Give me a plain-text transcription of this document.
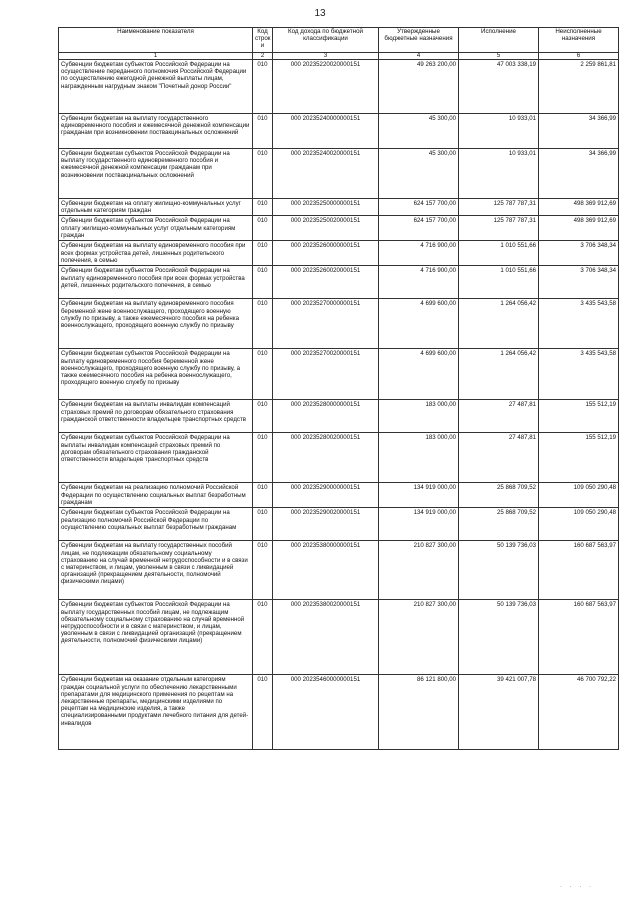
13
Наименование показателя	Код строк и	Код дохода по бюджетной классификации	Утвержденные бюджетные назначения	Исполнение	Неисполненные назначения
1	2	3	4	5	6
Субвенции бюджетам субъектов Российской Федерации на осуществление переданного полномочия Российской Федерации по осуществлению ежегодной денежной выплаты лицам, награжденным нагрудным знаком "Почетный донор России"	010	000 20235220020000151	49 263 200,00	47 003 338,19	2 259 861,81
Субвенции бюджетам на выплату государственного единовременного пособия и ежемесячной денежной компенсации гражданам при возникновении поствакцинальных осложнений	010	000 20235240000000151	45 300,00	10 933,01	34 366,99
Субвенции бюджетам субъектов Российской Федерации на выплату государственного единовременного пособия и ежемесячной денежной компенсации гражданам при возникновении поствакцинальных осложнений	010	000 20235240020000151	45 300,00	10 933,01	34 366,99
Субвенции бюджетам на оплату жилищно-коммунальных услуг отдельным категориям граждан	010	000 20235250000000151	624 157 700,00	125 787 787,31	498 369 912,69
Субвенции бюджетам субъектов Российской Федерации на оплату жилищно-коммунальных услуг отдельным категориям граждан	010	000 20235250020000151	624 157 700,00	125 787 787,31	498 369 912,69
Субвенции бюджетам на выплату единовременного пособия при всех формах устройства детей, лишенных родительского попечения, в семью	010	000 20235260000000151	4 716 900,00	1 010 551,66	3 706 348,34
Субвенции бюджетам субъектов Российской Федерации на выплату единовременного пособия при всех формах устройства детей, лишенных родительского попечения, в семью	010	000 20235260020000151	4 716 900,00	1 010 551,66	3 706 348,34
Субвенции бюджетам на выплату единовременного пособия беременной жене военнослужащего, проходящего военную службу по призыву, а также ежемесячного пособия на ребенка военнослужащего, проходящего военную службу по призыву	010	000 20235270000000151	4 699 600,00	1 264 056,42	3 435 543,58
Субвенции бюджетам субъектов Российской Федерации на выплату единовременного пособия беременной жене военнослужащего, проходящего военную службу по призыву, а также ежемесячного пособия на ребенка военнослужащего, проходящего военную службу по призыву	010	000 20235270020000151	4 699 600,00	1 264 056,42	3 435 543,58
Субвенции бюджетам на выплаты инвалидам компенсаций страховых премий по договорам обязательного страхования гражданской ответственности владельцев транспортных средств	010	000 20235280000000151	183 000,00	27 487,81	155 512,19
Субвенции бюджетам субъектов Российской Федерации на выплаты инвалидам компенсаций страховых премий по договорам обязательного страхования гражданской ответственности владельцев транспортных средств	010	000 20235280020000151	183 000,00	27 487,81	155 512,19
Субвенции бюджетам на реализацию полномочий Российской Федерации по осуществлению социальных выплат безработным гражданам	010	000 20235290000000151	134 919 000,00	25 868 709,52	109 050 290,48
Субвенции бюджетам субъектов Российской Федерации на реализацию полномочий Российской Федерации по осуществлению социальных выплат безработным гражданам	010	000 20235290020000151	134 919 000,00	25 868 709,52	109 050 290,48
Субвенции бюджетам на выплату государственных пособий лицам, не подлежащим обязательному социальному страхованию на случай временной нетрудоспособности и в связи с материнством, и лицам, уволенным в связи с ликвидацией организаций (прекращением деятельности, полномочий физическими лицами)	010	000 20235380000000151	210 827 300,00	50 139 736,03	160 687 563,97
Субвенции бюджетам субъектов Российской Федерации на выплату государственных пособий лицам, не подлежащим обязательному социальному страхованию на случай временной нетрудоспособности и в связи с материнством, и лицам, уволенным в связи с ликвидацией организаций (прекращением деятельности, полномочий физическими лицами)	010	000 20235380020000151	210 827 300,00	50 139 736,03	160 687 563,97
Субвенции бюджетам на оказание отдельным категориям граждан социальной услуги по обеспечению лекарственными препаратами для медицинского применения по рецептам на лекарственные препараты, медицинскими изделиями по рецептам на медицинские изделия, а также специализированными продуктами лечебного питания для детей-инвалидов	010	000 20235460000000151	86 121 800,00	39 421 007,78	46 700 792,22
· · · ·
